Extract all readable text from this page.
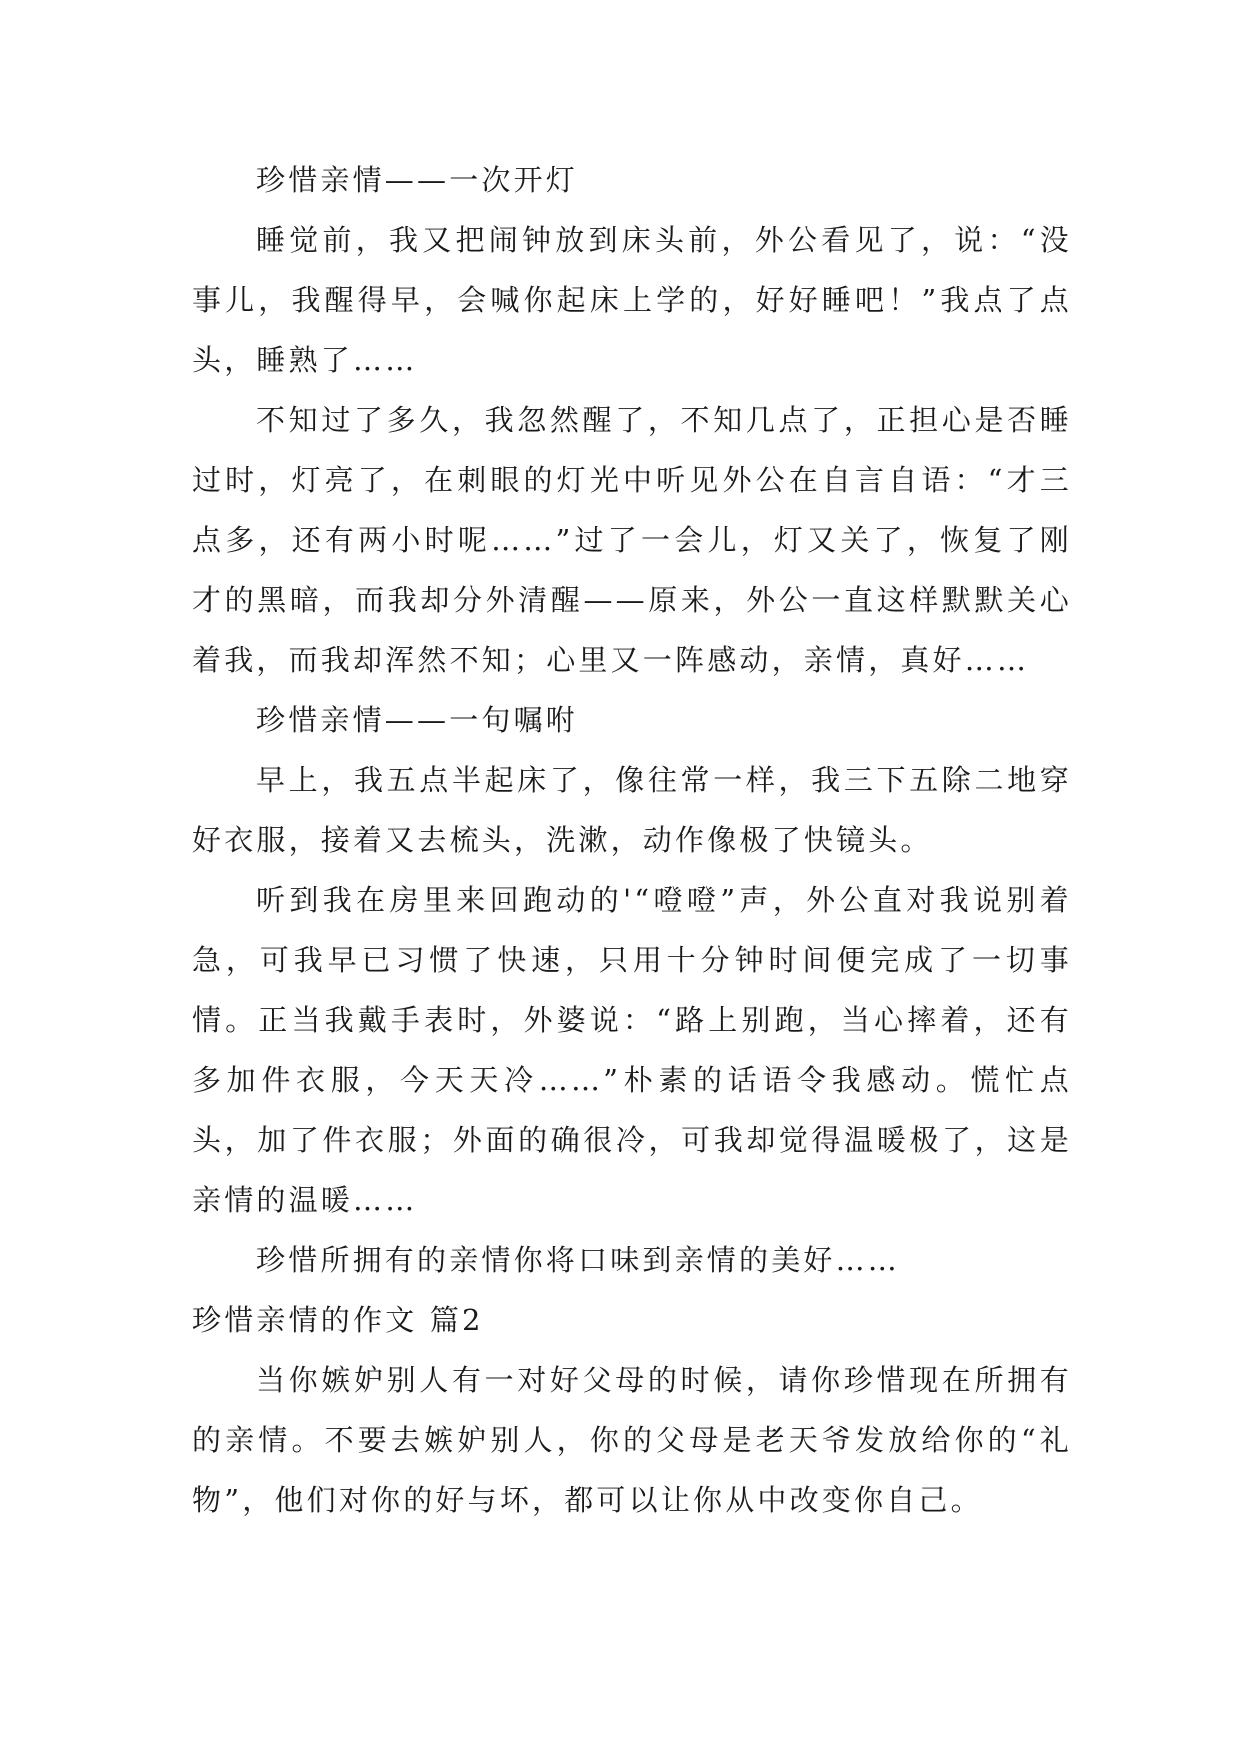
珍惜亲情——一次开灯

睡觉前，我又把闹钟放到床头前，外公看见了，说：“没事儿，我醒得早，会喊你起床上学的，好好睡吧！”我点了点头，睡熟了……

不知过了多久，我忽然醒了，不知几点了，正担心是否睡过时，灯亮了，在刺眼的灯光中听见外公在自言自语：“才三点多，还有两小时呢……”过了一会儿，灯又关了，恢复了刚才的黑暗，而我却分外清醒——原来，外公一直这样默默关心着我，而我却浑然不知；心里又一阵感动，亲情，真好……

珍惜亲情——一句嘱咐

早上，我五点半起床了，像往常一样，我三下五除二地穿好衣服，接着又去梳头，洗漱，动作像极了快镜头。

听到我在房里来回跑动的'“噔噔”声，外公直对我说别着急，可我早已习惯了快速，只用十分钟时间便完成了一切事情。正当我戴手表时，外婆说：“路上别跑，当心摔着，还有多加件衣服，今天天冷……”朴素的话语令我感动。慌忙点头，加了件衣服；外面的确很冷，可我却觉得温暖极了，这是亲情的温暖……

珍惜所拥有的亲情你将口味到亲情的美好……

珍惜亲情的作文 篇2

当你嫉妒别人有一对好父母的时候，请你珍惜现在所拥有的亲情。不要去嫉妒别人，你的父母是老天爷发放给你的“礼物”，他们对你的好与坏，都可以让你从中改变你自己。
